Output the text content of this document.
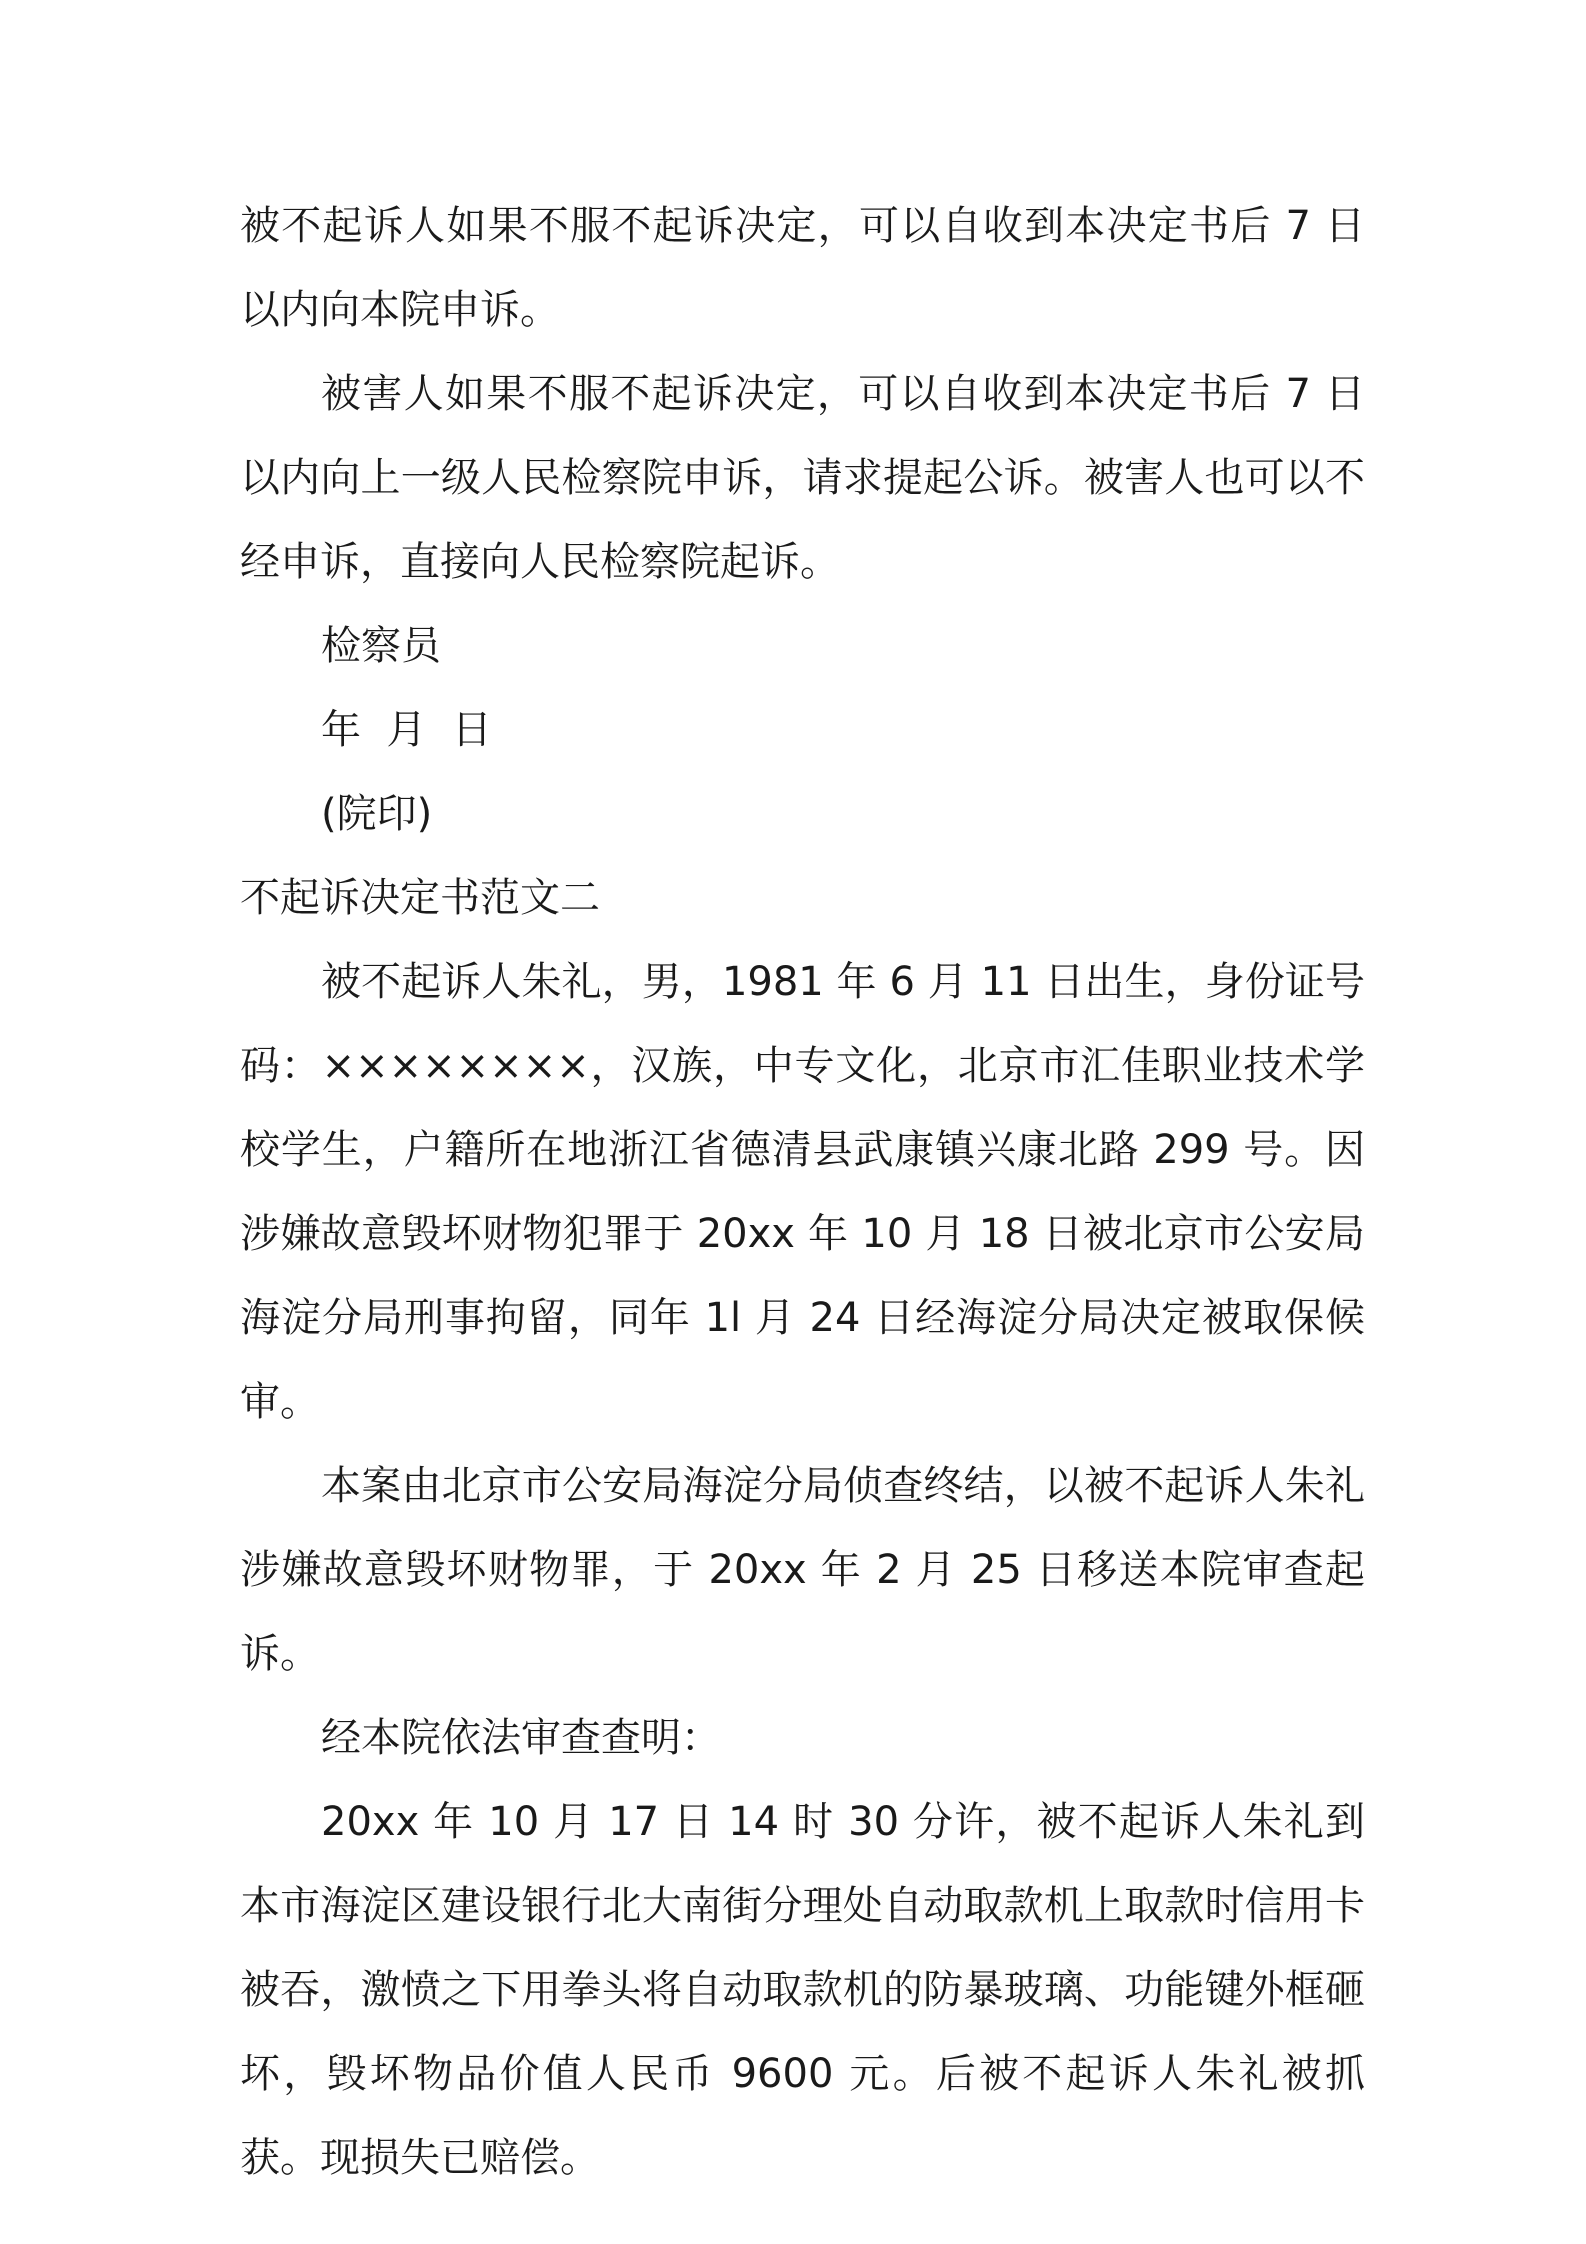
被不起诉人如果不服不起诉决定，可以自收到本决定书后 7 日以内向本院申诉。

被害人如果不服不起诉决定，可以自收到本决定书后 7 日以内向上一级人民检察院申诉，请求提起公诉。被害人也可以不经申诉，直接向人民检察院起诉。

检察员

年  月  日

(院印)

不起诉决定书范文二

被不起诉人朱礼，男，1981 年 6 月 11 日出生，身份证号码：××××××××，汉族，中专文化，北京市汇佳职业技术学校学生，户籍所在地浙江省德清县武康镇兴康北路 299 号。因涉嫌故意毁坏财物犯罪于 20xx 年 10 月 18 日被北京市公安局海淀分局刑事拘留，同年 1l 月 24 日经海淀分局决定被取保候审。

本案由北京市公安局海淀分局侦查终结，以被不起诉人朱礼涉嫌故意毁坏财物罪，于 20xx 年 2 月 25 日移送本院审查起诉。

经本院依法审查查明：

20xx 年 10 月 17 日 14 时 30 分许，被不起诉人朱礼到本市海淀区建设银行北大南街分理处自动取款机上取款时信用卡被吞，激愤之下用拳头将自动取款机的防暴玻璃、功能键外框砸坏，毁坏物品价值人民币 9600 元。后被不起诉人朱礼被抓获。现损失已赔偿。
